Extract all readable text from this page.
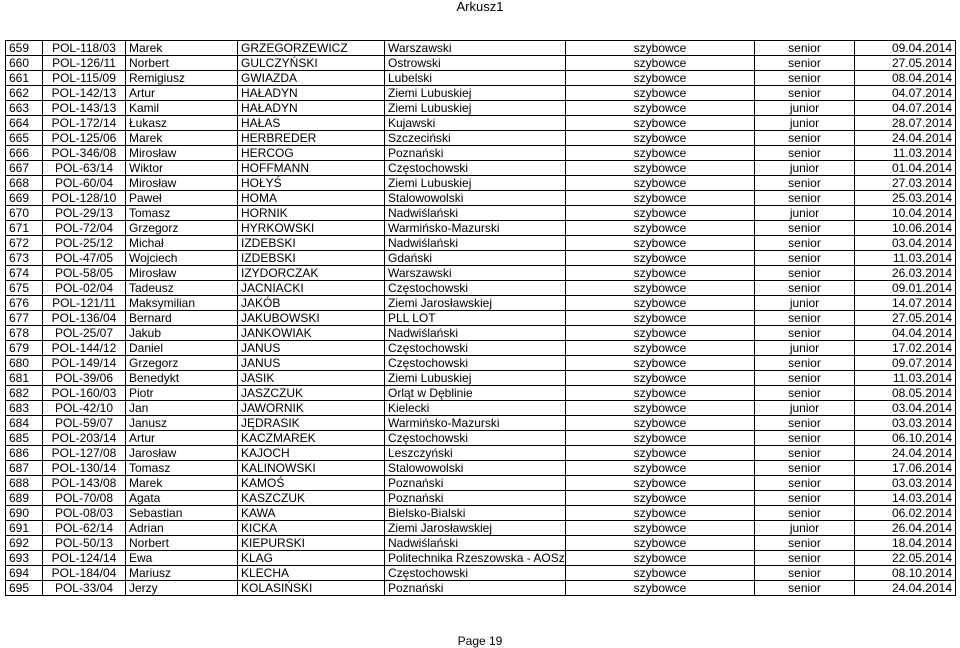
Arkusz1
659	POL-118/03	Marek	GRZEGORZEWICZ	Warszawski	szybowce	senior	09.04.2014
660	POL-126/11	Norbert	GULCZYŃSKI	Ostrowski	szybowce	senior	27.05.2014
661	POL-115/09	Remigiusz	GWIAZDA	Lubelski	szybowce	senior	08.04.2014
662	POL-142/13	Artur	HAŁADYN	Ziemi Lubuskiej	szybowce	senior	04.07.2014
663	POL-143/13	Kamil	HAŁADYN	Ziemi Lubuskiej	szybowce	junior	04.07.2014
664	POL-172/14	Łukasz	HAŁAS	Kujawski	szybowce	junior	28.07.2014
665	POL-125/06	Marek	HERBREDER	Szczeciński	szybowce	senior	24.04.2014
666	POL-346/08	Mirosław	HERCOG	Poznański	szybowce	senior	11.03.2014
667	POL-63/14	Wiktor	HOFFMANN	Częstochowski	szybowce	junior	01.04.2014
668	POL-60/04	Mirosław	HOŁYŚ	Ziemi Lubuskiej	szybowce	senior	27.03.2014
669	POL-128/10	Paweł	HOMA	Stalowowolski	szybowce	senior	25.03.2014
670	POL-29/13	Tomasz	HORNIK	Nadwiślański	szybowce	junior	10.04.2014
671	POL-72/04	Grzegorz	HYRKOWSKI	Warmińsko-Mazurski	szybowce	senior	10.06.2014
672	POL-25/12	Michał	IZDEBSKI	Nadwiślański	szybowce	senior	03.04.2014
673	POL-47/05	Wojciech	IZDEBSKI	Gdański	szybowce	senior	11.03.2014
674	POL-58/05	Mirosław	IZYDORCZAK	Warszawski	szybowce	senior	26.03.2014
675	POL-02/04	Tadeusz	JACNIACKI	Częstochowski	szybowce	senior	09.01.2014
676	POL-121/11	Maksymilian	JAKÓB	Ziemi Jarosławskiej	szybowce	junior	14.07.2014
677	POL-136/04	Bernard	JAKUBOWSKI	PLL LOT	szybowce	senior	27.05.2014
678	POL-25/07	Jakub	JANKOWIAK	Nadwiślański	szybowce	senior	04.04.2014
679	POL-144/12	Daniel	JANUS	Częstochowski	szybowce	junior	17.02.2014
680	POL-149/14	Grzegorz	JANUS	Częstochowski	szybowce	senior	09.07.2014
681	POL-39/06	Benedykt	JASIK	Ziemi Lubuskiej	szybowce	senior	11.03.2014
682	POL-160/03	Piotr	JASZCZUK	Orląt w Dęblinie	szybowce	senior	08.05.2014
683	POL-42/10	Jan	JAWORNIK	Kielecki	szybowce	junior	03.04.2014
684	POL-59/07	Janusz	JĘDRASIK	Warmińsko-Mazurski	szybowce	senior	03.03.2014
685	POL-203/14	Artur	KACZMAREK	Częstochowski	szybowce	senior	06.10.2014
686	POL-127/08	Jarosław	KAJOCH	Leszczyński	szybowce	senior	24.04.2014
687	POL-130/14	Tomasz	KALINOWSKI	Stalowowolski	szybowce	senior	17.06.2014
688	POL-143/08	Marek	KAMOŚ	Poznański	szybowce	senior	03.03.2014
689	POL-70/08	Agata	KASZCZUK	Poznański	szybowce	senior	14.03.2014
690	POL-08/03	Sebastian	KAWA	Bielsko-Bialski	szybowce	senior	06.02.2014
691	POL-62/14	Adrian	KICKA	Ziemi Jarosławskiej	szybowce	junior	26.04.2014
692	POL-50/13	Norbert	KIEPURSKI	Nadwiślański	szybowce	senior	18.04.2014
693	POL-124/14	Ewa	KLAG	Politechnika Rzeszowska - AOSz	szybowce	senior	22.05.2014
694	POL-184/04	Mariusz	KLECHA	Częstochowski	szybowce	senior	08.10.2014
695	POL-33/04	Jerzy	KOLASIŃSKI	Poznański	szybowce	senior	24.04.2014
Page 19
